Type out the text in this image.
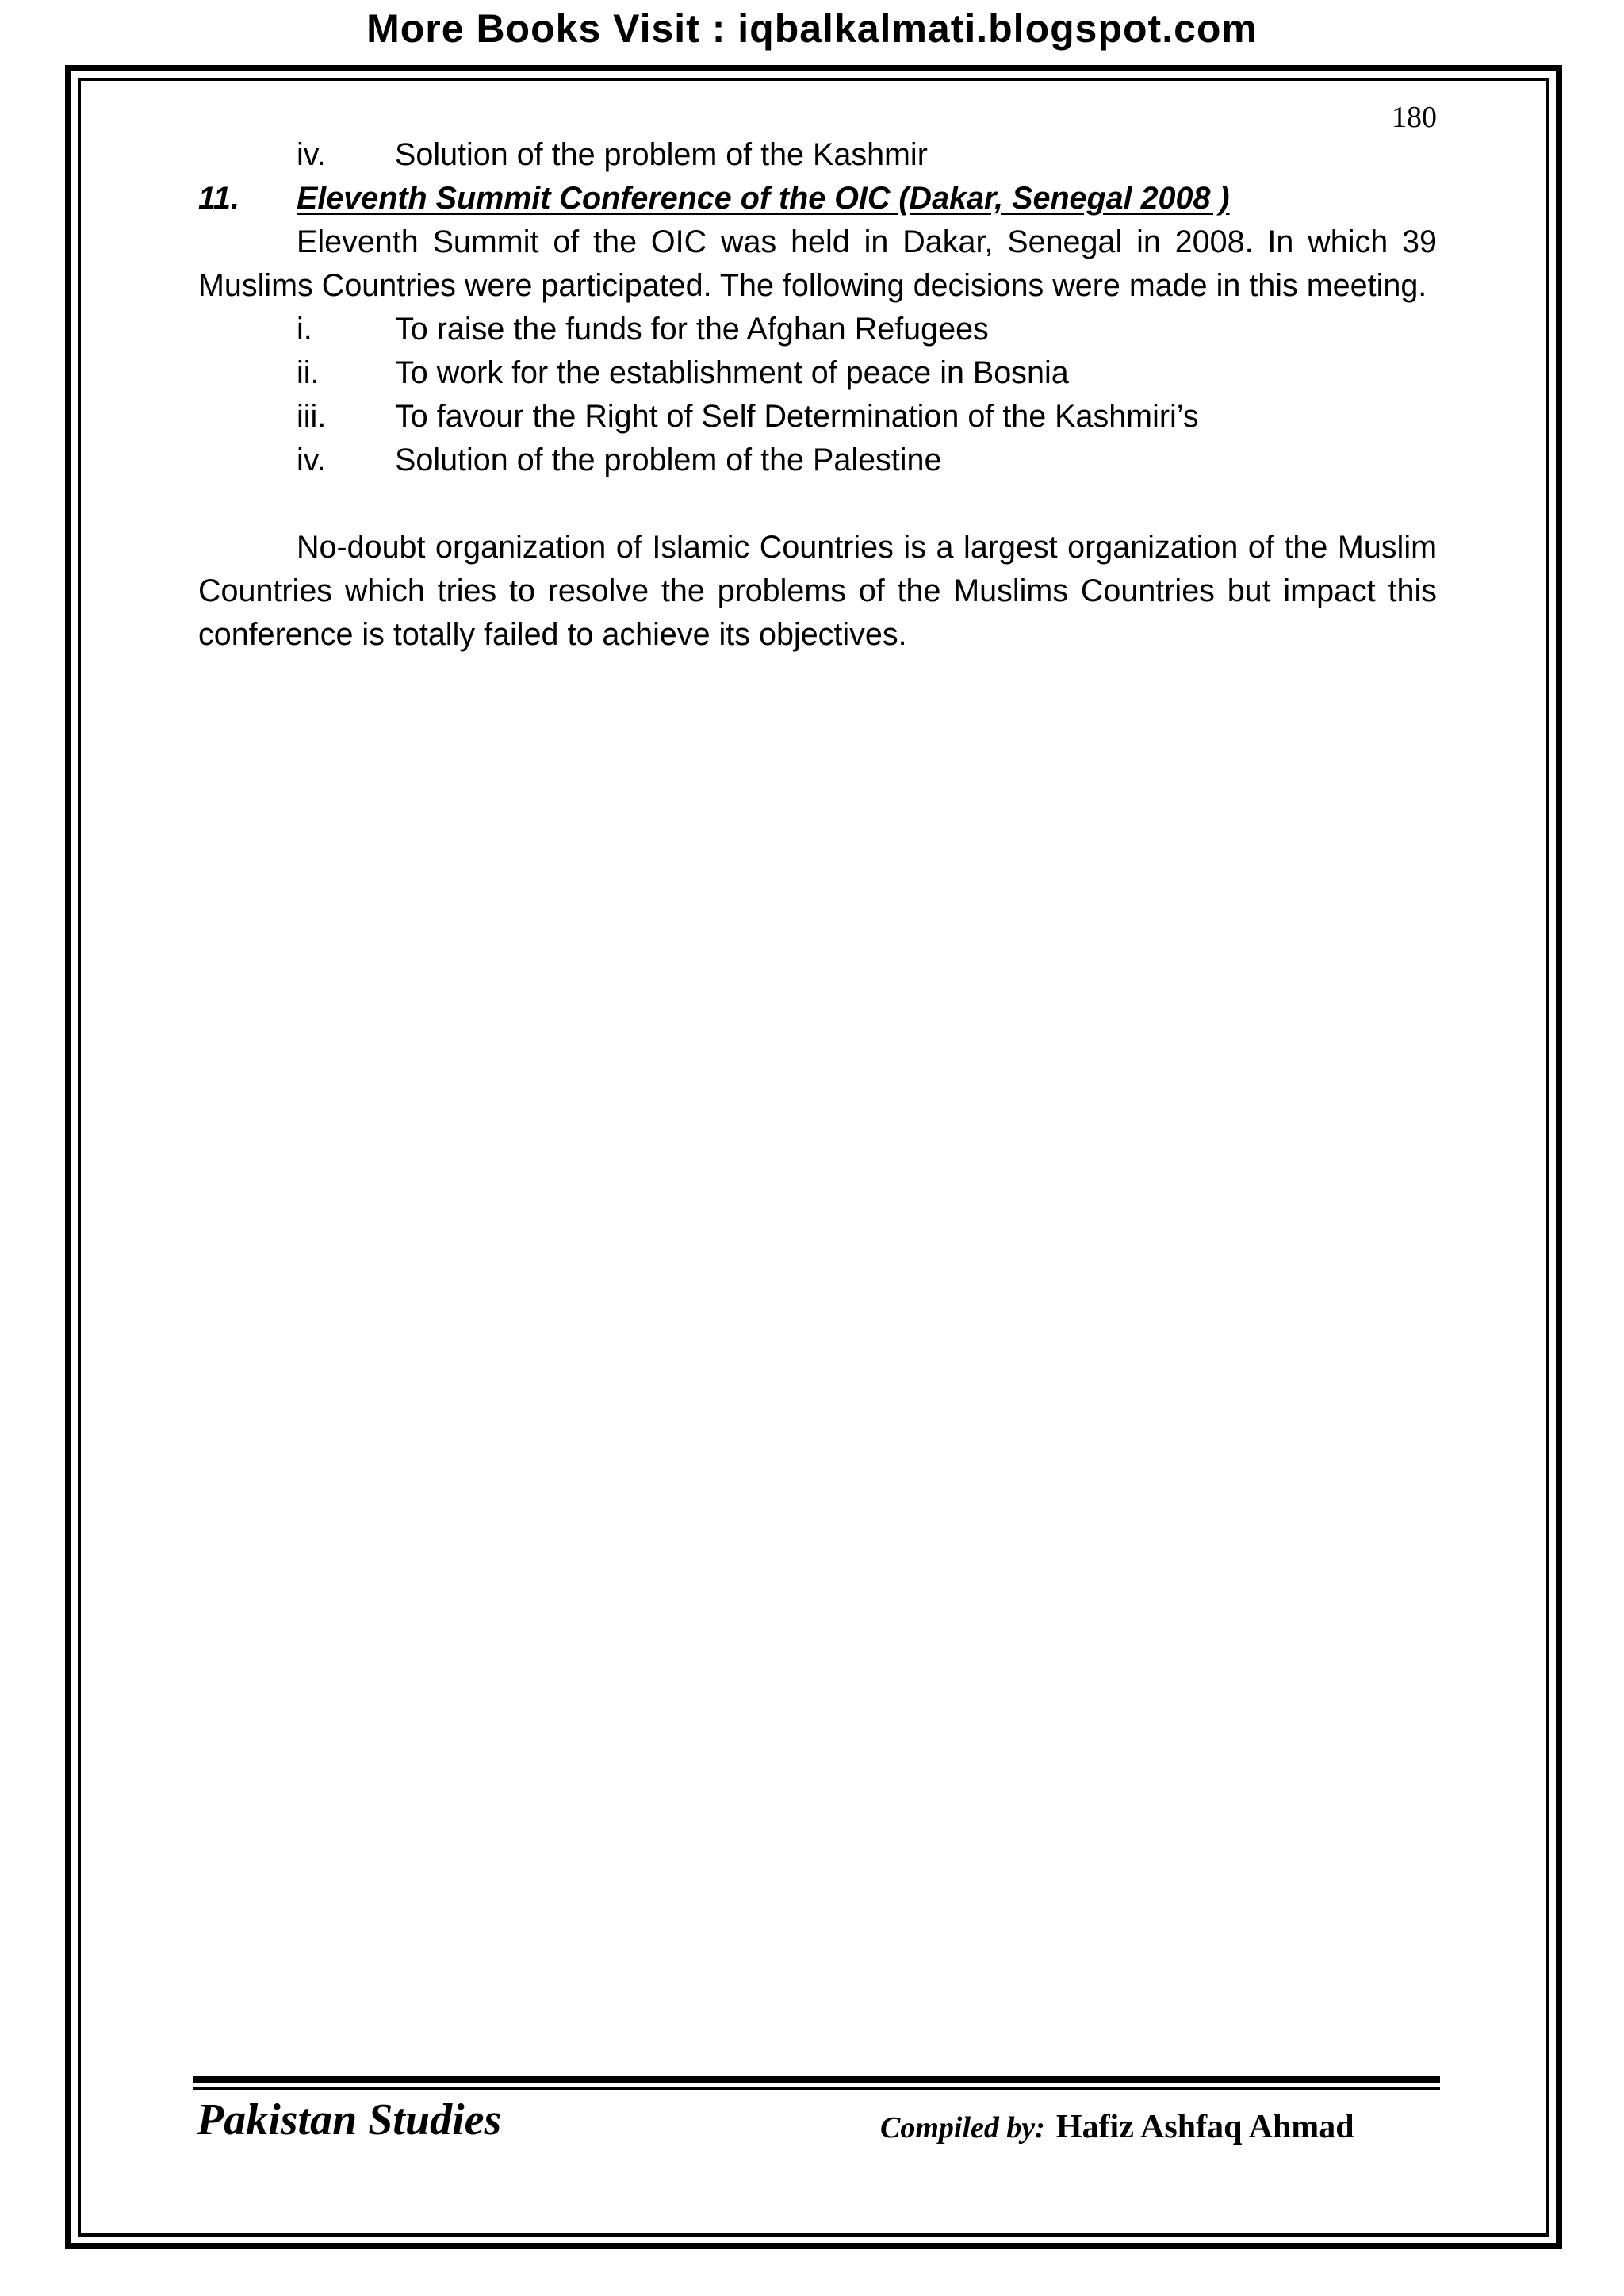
More Books Visit : iqbalkalmati.blogspot.com
180
iv. Solution of the problem of the Kashmir
11. Eleventh Summit Conference of the OIC (Dakar, Senegal 2008 )

Eleventh Summit of the OIC was held in Dakar, Senegal in 2008. In which 39 Muslims Countries were participated. The following decisions were made in this meeting.

i.	To raise the funds for the Afghan Refugees
ii. To work for the establishment of peace in Bosnia
iii. To favour the Right of Self Determination of the Kashmiri’s
iv. Solution of the problem of the Palestine

No-doubt organization of Islamic Countries is a largest organization of the Muslim Countries which tries to resolve the problems of the Muslims Countries but impact this conference is totally failed to achieve its objectives.

Pakistan Studies	Compiled by: Hafiz Ashfaq Ahmad
